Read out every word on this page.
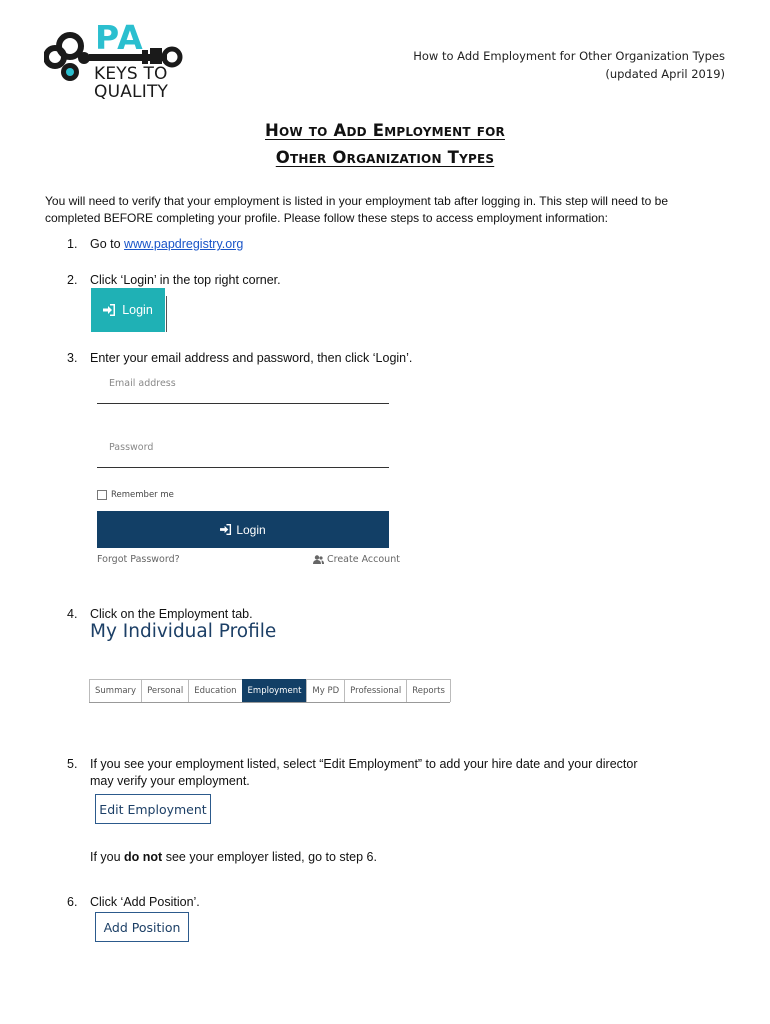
PA
KEYS TO
QUALITY
How to Add Employment for Other Organization Types
(updated April 2019)
How to Add Employment for
Other Organization Types
You will need to verify that your employment is listed in your employment tab after logging in. This step will need to be completed BEFORE completing your profile. Please follow these steps to access employment information:
1. Go to www.papdregistry.org
2. Click ‘Login’ in the top right corner.
Login
3. Enter your email address and password, then click ‘Login’.
Email address
Password
Remember me
Login
Forgot Password?	Create Account
4. Click on the Employment tab.
My Individual Profile
Summary	Personal	Education	Employment	My PD	Professional	Reports
5. If you see your employment listed, select “Edit Employment” to add your hire date and your director
may verify your employment.
Edit Employment
If you do not see your employer listed, go to step 6.
6. Click ‘Add Position’.
Add Position
